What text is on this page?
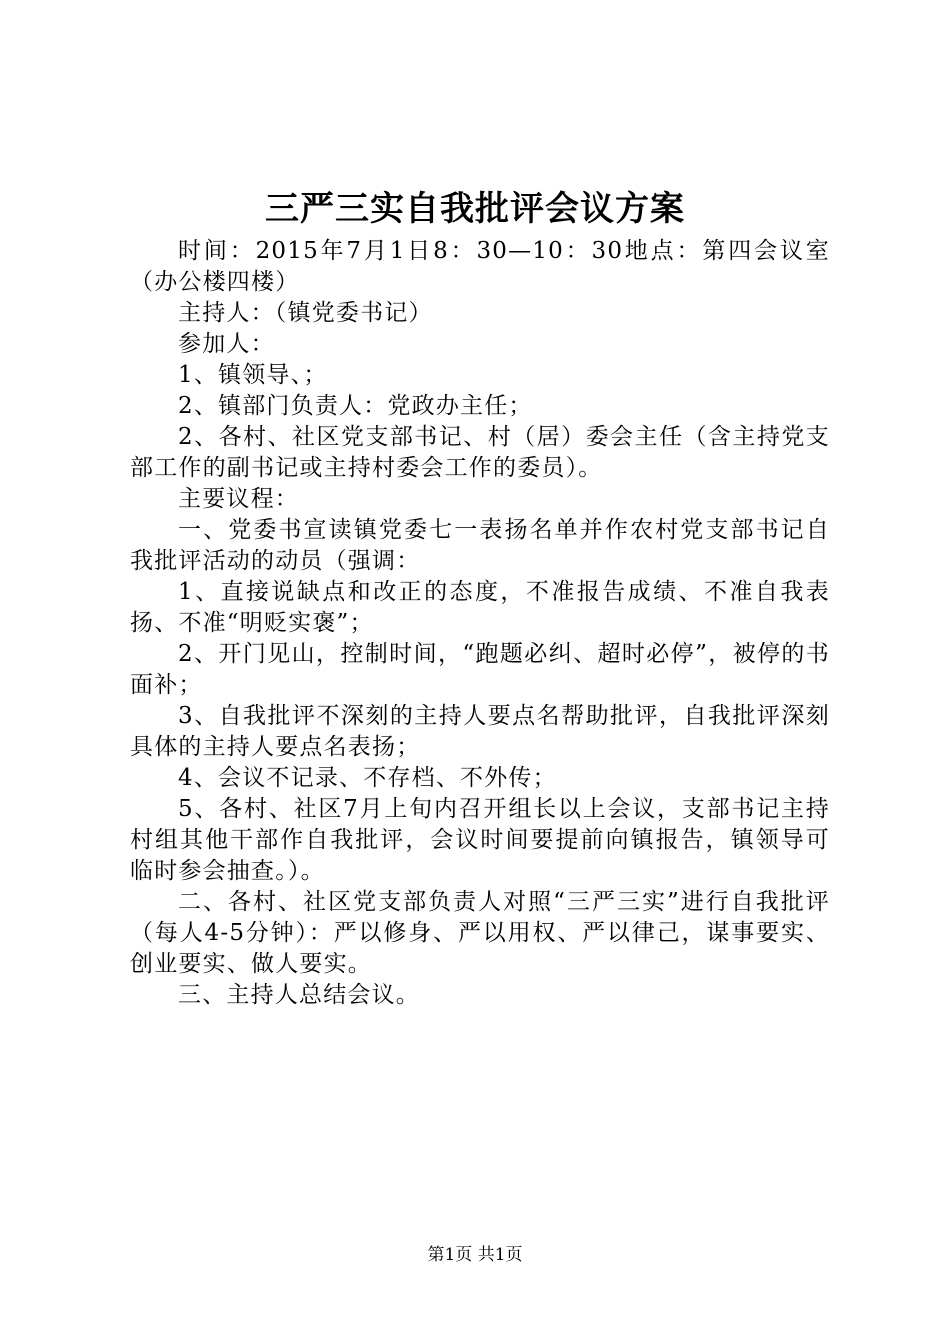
三严三实自我批评会议方案

时间：2015年7月1日8：30—10：30地点：第四会议室（办公楼四楼）

主持人：（镇党委书记）

参加人：

1、镇领导、；

2、镇部门负责人：党政办主任；

2、各村、社区党支部书记、村（居）委会主任（含主持党支部工作的副书记或主持村委会工作的委员）。

主要议程：

一、党委书宣读镇党委七一表扬名单并作农村党支部书记自我批评活动的动员（强调：

1、直接说缺点和改正的态度，不准报告成绩、不准自我表扬、不准“明贬实褒”；

2、开门见山，控制时间，“跑题必纠、超时必停”，被停的书面补；

3、自我批评不深刻的主持人要点名帮助批评，自我批评深刻具体的主持人要点名表扬；

4、会议不记录、不存档、不外传；

5、各村、社区7月上旬内召开组长以上会议，支部书记主持村组其他干部作自我批评，会议时间要提前向镇报告，镇领导可临时参会抽查。）。

二、各村、社区党支部负责人对照“三严三实”进行自我批评（每人4-5分钟）：严以修身、严以用权、严以律己，谋事要实、创业要实、做人要实。

三、主持人总结会议。

第1页 共1页
